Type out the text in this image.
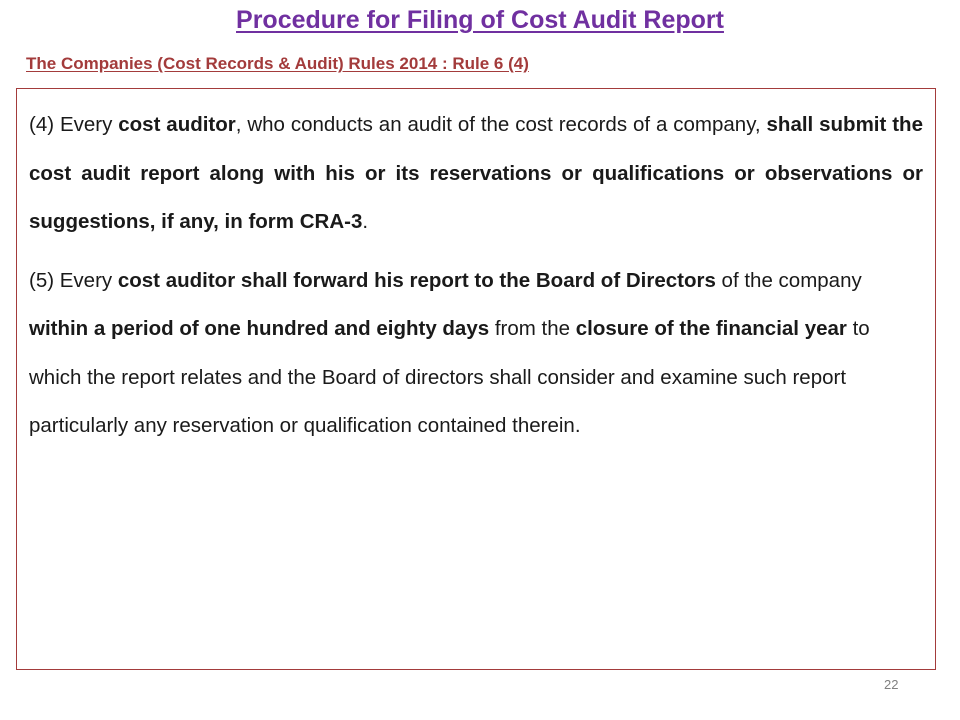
Procedure for Filing of Cost Audit Report
The Companies (Cost Records & Audit) Rules 2014 : Rule 6 (4)

(4) Every cost auditor, who conducts an audit of the cost records of a company, shall submit the cost audit report along with his or its reservations or qualifications or observations or suggestions, if any, in form CRA-3.

(5) Every cost auditor shall forward his report to the Board of Directors of the company within a period of one hundred and eighty days from the closure of the financial year to which the report relates and the Board of directors shall consider and examine such report particularly any reservation or qualification contained therein.

22
